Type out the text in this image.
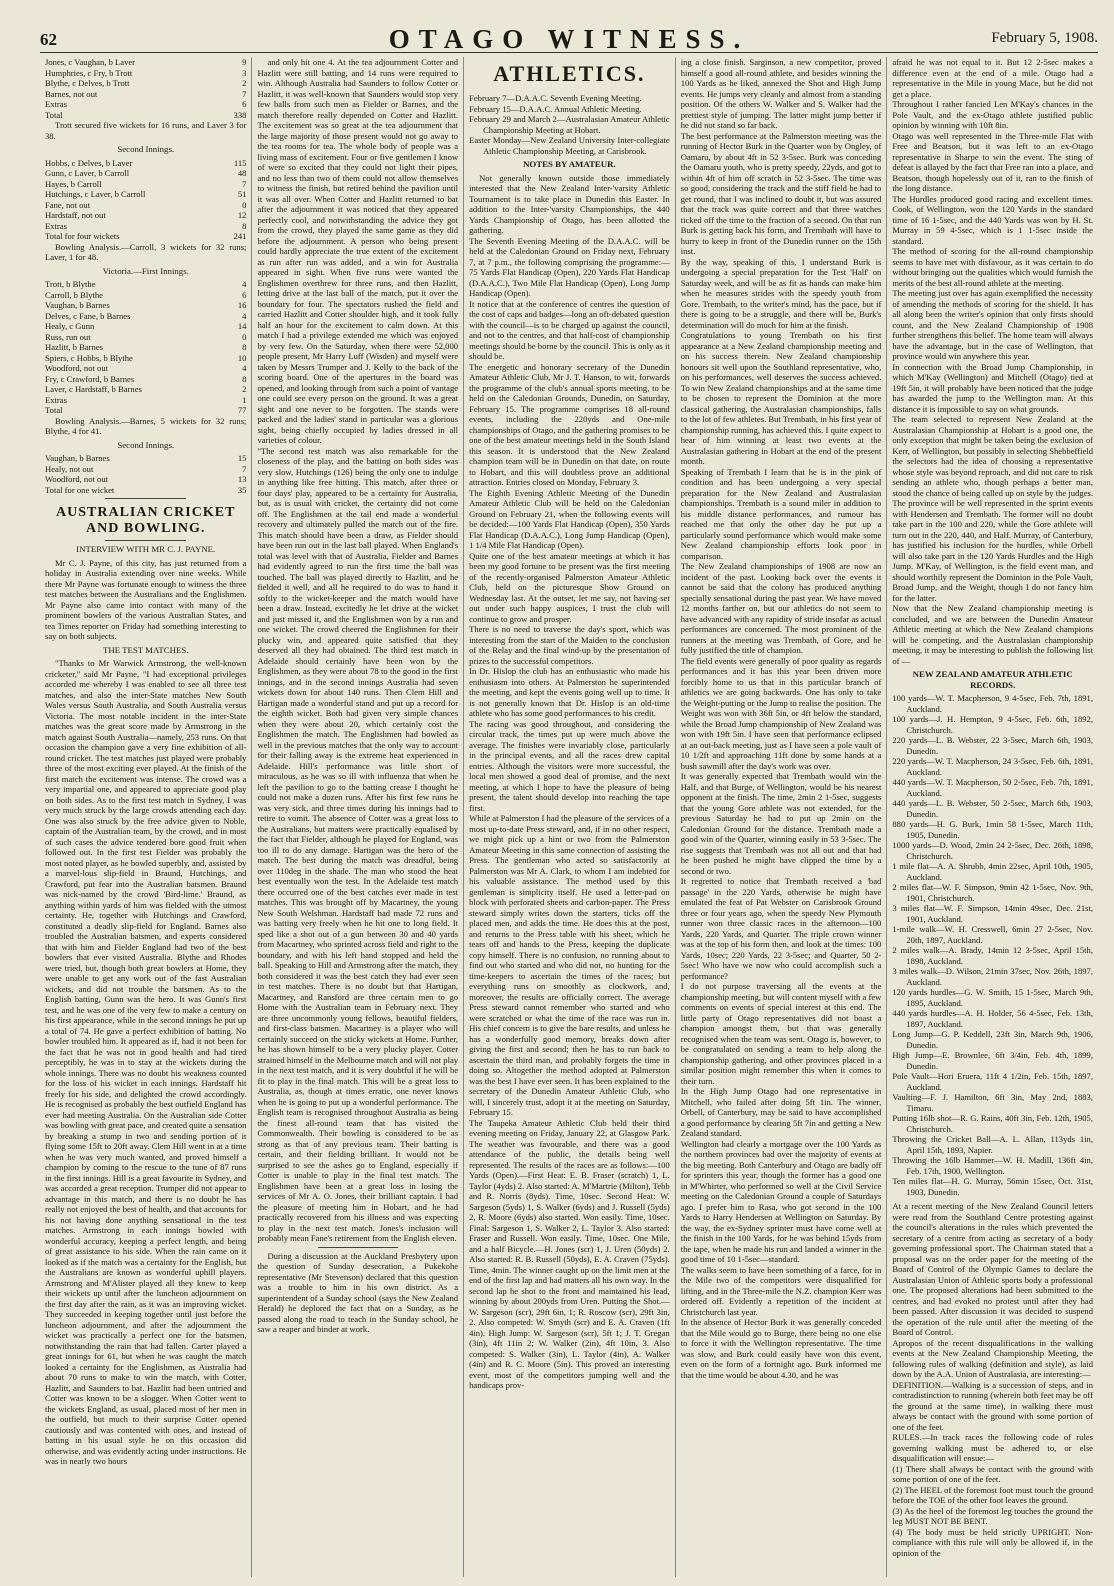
62	OTAGO WITNESS.	February 5, 1908.
Jones, c Vaughan, b Laver	9
Humphries, c Fry, b Trott	3
Blythe, c Delves, b Trott	2
Barnes, not out	7
Extras	6
Total	338

Trott secured five wickets for 16 runs, and Laver 3 for 38.

Second Innings.
Hobbs, c Delves, b Laver	115
Gunn, c Laver, b Carroll	48
Hayes, b Carroll	7
Hutchings, c Laver, b Carroll	51
Fane, not out	0
Hardstaff, not out	12
Extras	8
Total for four wickets	241

Bowling Analysis.—Carroll, 3 wickets for 32 runs; Laver, 1 for 48.

Victoria.—First Innings.
Trott, b Blythe	4
Carroll, b Blythe	6
Vaughan, b Barnes	16
Delves, c Fane, b Barnes	4
Healy, c Gunn	14
Russ, run out	0
Hazlitt, b Barnes	8
Spiers, c Hobbs, b Blythe	10
Woodford, not out	4
Fry, c Crawford, b Barnes	8
Laver, c Hardstaff, b Barnes	2
Extras	1
Total	77

Bowling Analysis.—Barnes, 5 wickets for 32 runs; Blythe, 4 for 41.

Second Innings.
Vaughan, b Barnes	15
Healy, not out	7
Woodford, not out	13
Total for one wicket	35
AUSTRALIAN CRICKET AND BOWLING.
INTERVIEW WITH MR C. J. PAYNE.

Mr C. J. Payne, of this city, has just returned from a holiday in Australia extending over nine weeks. While there Mr Payne was fortunate enough to witness the three test matches between the Australians and the Englishmen. Mr Payne also came into contact with many of the prominent bowlers of the various Australian States, and tea Times reporter on Friday had something interesting to say on both subjects.

THE TEST MATCHES.

"Thanks to Mr Warwick Armstrong, the well-known cricketer," said Mr Payne, "I had exceptional privileges accorded me whereby I was enabled to see all three test matches, and also the inter-State matches New South Wales versus South Australia, and South Australia versus Victoria. The most notable incident in the inter-State matches was the great score made by Armstrong in the match against South Australia—namely, 253 runs. On that occasion the champion gave a very fine exhibition of all-round cricket. The test matches just played were probably three of the most exciting ever played. At the finish of the first match the excitement was intense. The crowd was a very impartial one, and appeared to appreciate good play on both sides. As to the first test match in Sydney, I was very much struck by the large crowds attending each day. One was also struck by the free advice given to Noble, captain of the Australian team, by the crowd, and in most of such cases the advice tendered bore good fruit when followed out. In the first test Fielder was probably the most noted player, as he bowled superbly, and, assisted by a marvel-lous slip-field in Braund, Hutchings, and Crawford, put fear into the Australian batsmen. Braund was nick-named by the crowd 'Bird-lime.' Braund, as anything within yards of him was fielded with the utmost certainty. He, together with Hutchings and Crawford, constituted a deadly slip-field for England. Barnes also troubled the Australian batsmen, and experts considered that with him and Fielder England had two of the best bowlers that ever visited Australia. Blythe and Rhodes were tried, but, though both great bowlers at Home, they were unable to get any work out of the fast Australian wickets, and did not trouble the batsmen. As to the English batting, Gunn was the hero. It was Gunn's first test, and he was one of the very few to make a century on his first appearance, while in the second innings he put up a total of 74. He gave a perfect exhibition of batting. No bowler troubled him. It appeared as if, had it not been for the fact that he was not in good health and had tired perceptibly, he was in to stay at the wickets during the whole innings. There was no doubt his weakness counted for the loss of his wicket in each innings. Hardstaff hit freely for his side, and delighted the crowd accordingly. He is recognised as probably the best outfield England has ever had meeting Australia. On the Australian side Cotter was bowling with great pace, and created quite a sensation by breaking a stump in two and sending portion of it flying some 15ft to 20ft away. Clem Hill went in at a time when he was very much wanted, and proved himself a champion by coming to the rescue to the tune of 87 runs in the first innings. Hill is a great favourite in Sydney, and was accorded a great reception. Trumper did not appear to advantage in this match, and there is no doubt he has really not enjoyed the best of health, and that accounts for his not having done anything sensational in the test matches. Armstrong in each innings bowled with wonderful accuracy, keeping a perfect length, and being of great assistance to his side. When the rain came on it looked as if the match was a certainty for the English, but the Australians are known as wonderful uphill players. Armstrong and M'Alister played all they knew to keep their wickets up until after the luncheon adjournment on the first day after the rain, as it was an improving wicket. They succeeded in keeping together until just before the luncheon adjournment, and after the adjournment the wicket was practically a perfect one for the batsmen, notwithstanding the rain that had fallen. Carter played a great innings for 61, but when he was caught the match looked a certainty for the Englishmen, as Australia had about 70 runs to make to win the match, with Cotter, Hazlitt, and Saunders to bat. Hazlitt had been untried and Cotter was known to be a slogger. When Cotter went to the wickets England, as usual, placed most of her men in the outfield, but much to their surprise Cotter opened cautiously and was contented with ones, and instead of batting in his usual style he on this occasion did otherwise, and was evidently acting under instructions. He was in nearly two hours

and only hit one 4. At the tea adjournment Cotter and Hazlitt were still batting, and 14 runs were required to win. Although Australia had Saunders to follow Cotter or Hazlitt, it was well-known that Saunders would stop very few balls from such men as Fielder or Barnes, and the match therefore really depended on Cotter and Hazlitt. The excitement was so great at the tea adjournment that the large majority of those present would not go away to the tea rooms for tea. The whole body of people was a living mass of excitement. Four or five gentlemen I know of were so excited that they could not light their pipes, and no less than two of them could not allow themselves to witness the finish, but retired behind the pavilion until it was all over. When Cotter and Hazlitt returned to bat after the adjournment it was noticed that they appeared perfectly cool, and notwithstanding the advice they got from the crowd, they played the same game as they did before the adjournment. A person who being present could hardly appreciate the true extent of the excitement as run after run was added, and a win for Australia appeared in sight. When five runs were wanted the Englishmen overthrew for three runs, and then Hazlitt, letting drive at the last ball of the match, put it over the boundary for four. The spectators rushed the field and carried Hazlitt and Cotter shoulder high, and it took fully half an hour for the excitement to calm down. At this match I had a privilege extended me which was enjoyed by very few. On the Saturday, when there were 52,000 people present, Mr Harry Luff (Wisden) and myself were taken by Messrs Trumper and J. Kelly to the back of the scoring board. One of the apertures in the board was opened, and looking through from such a point of vantage one could see every person on the ground. It was a great sight and one never to be forgotten. The stands were packed and the ladies' stand in particular was a glorious sight, being chiefly occupied by ladies dressed in all varieties of colour.
"The second test match was also remarkable for the closeness of the play, and the batting on both sides was very slow, Hutchings (126) being the only one to indulge in anything like free hitting. This match, after three or four days' play, appeared to be a certainty for Australia, but, as is usual with cricket, the certainty did not come off. The Englishmen at the tail end made a wonderful recovery and ultimately pulled the match out of the fire. This match should have been a draw, as Fielder should have been run out in the last ball played. When England's total was level with that of Australia, Fielder and Barnes had evidently agreed to run the first time the ball was touched. The ball was played directly to Hazlitt, and he fielded it well, and all he required to do was to hand it softly to the wicket-keeper and the match would have been a draw. Instead, excitedly he let drive at the wicket and just missed it, and the Englishmen won by a run and one wicket. The crowd cheered the Englishmen for their plucky win, and appeared quite satisfied that they deserved all they had obtained. The third test match in Adelaide should certainly have been won by the Englishmen, as they were about 78 to the good in the first innings, and in the second innings Australia had seven wickets down for about 140 runs. Then Clem Hill and Hartigan made a wonderful stand and put up a record for the eighth wicket. Both had given very simple chances when they were about 20, which certainly cost the Englishmen the match. The Englishmen had bowled as well in the previous matches that the only way to account for their falling away is the extreme heat experienced in Adelaide. Hill's performance was little short of miraculous, as he was so ill with influenza that when he left the pavilion to go to the batting crease I thought he could not make a dozen runs. After his first few runs he was very sick, and three times during his innings had to retire to vomit. The absence of Cotter was a great loss to the Australians, but matters were practically equalised by the fact that Fielder, although he played for England, was too ill to do any damage. Hartigan was the hero of the match. The best during the match was dreadful, being over 110deg in the shade. The man who stood the heat best eventually won the test. In the Adelaide test match there occurred one of the best catches ever made in test matches. This was brought off by Macartney, the young New South Welshman. Hardstaff had made 72 runs and was batting very freely when he hit one to long field. It sped like a shot out of a gun between 30 and 40 yards from Macartney, who sprinted across field and right to the boundary, and with his left hand stopped and held the ball. Speaking to Hill and Armstrong after the match, they both considered it was the best catch they had ever seen in test matches. There is no doubt but that Hartigan, Macartney, and Ransford are three certain men to go Home with the Australian team in February next. They are three uncommonly young fellows, beautiful fielders, and first-class batsmen. Macartney is a player who will certainly succeed on the sticky wickets at Home. Further, he has shown himself to be a very plucky player. Cotter strained himself in the Melbourne match and will not play in the next test match, and it is very doubtful if he will be fit to play in the final match. This will be a great loss to Australia, as, though at times erratic, one never knows when he is going to put up a wonderful performance. The English team is recognised throughout Australia as being the finest all-round team that has visited the Commonwealth. Their bowling is considered to be as strong as that of any previous team. Their batting is certain, and their fielding brilliant. It would not be surprised to see the ashes go to England, especially if Cotter is unable to play in the final test match. The Englishmen have been at a great loss in losing the services of Mr A. O. Jones, their brilliant captain. I had the pleasure of meeting him in Hobart, and he had practically recovered from his illness and was expecting to play in the next test match. Jones's inclusion will probably mean Fane's retirement from the English eleven.

During a discussion at the Auckland Presbytery upon the question of Sunday desecration, a Pukekohe representative (Mr Stevenson) declared that this question was a trouble to him in his own district. As a superintendent of a Sunday school (says the New Zealand Herald) he deplored the fact that on a Sunday, as he passed along the road to teach in the Sunday school, he saw a reaper and binder at work.

ATHLETICS.
February 7—D.A.A.C. Seventh Evening Meeting.
February 15—D.A.A.C. Annual Athletic Meeting.
February 29 and March 2—Australasian Amateur Athletic Championship Meeting at Hobart.
Easter Monday—New Zealand University Inter-collegiate Athletic Championship Meeting, at Carisbrook.
NOTES BY AMATEUR.
Not generally known outside those immediately interested that the New Zealand Inter-'varsity Athletic Tournament is to take place in Dunedin this Easter. In addition to the Inter-'varsity Championships, the 440 Yards Championship of Otago, has been allotted the gathering.
The Seventh Evening Meeting of the D.A.A.C. will be held at the Caledonian Ground on Friday next, February 7, at 7 p.m., the following comprising the programme:—75 Yards Flat Handicap (Open), 220 Yards Flat Handicap (D.A.A.C.), Two Mile Flat Handicap (Open), Long Jump Handicap (Open).
It notice that at the conference of centres the question of the cost of caps and badges—long an oft-debated question with the council—is to be charged up against the council, and not to the centres, and that half-cost of championship meetings should be borne by the council. This is only as it should be.
The energetic and honorary secretary of the Dunedin Amateur Athletic Club, Mr J. T. Hanson, to wit, forwards the programme of the club's annual sports meeting, to be held on the Caledonian Grounds, Dunedin, on Saturday, February 15. The programme comprises 18 all-round events, including the 220yds and One-mile championships of Otago, and the gathering promises to be one of the best amateur meetings held in the South Island this season. It is understood that the New Zealand champion team will be in Dunedin on that date, on route to Hobart, and this will doubtless prove an additional attraction. Entries closed on Monday, February 3.
The Eighth Evening Athletic Meeting of the Dunedin Amateur Athletic Club will be held on the Caledonian Ground on February 21, when the following events will be decided:—100 Yards Flat Handicap (Open), 350 Yards Flat Handicap (D.A.A.C.), Long Jump Handicap (Open), 1 1/4 Mile Flat Handicap (Open).
Quite one of the best amateur meetings at which it has been my good fortune to be present was the first meeting of the recently-organised Palmerston Amateur Athletic Club, held on the picturesque Show Ground on Wednesday last. At the outset, let me say, not having set out under such happy auspices, I trust the club will continue to grow and prosper.
There is no need to traverse the day's sport, which was interesting from the start of the Maiden to the conclusion of the Relay and the final wind-up by the presentation of prizes to the successful competitors.
In Dr. Hislop the club has an enthusiastic who made his enthusiasm into others. At Palmerston he superintended the meeting, and kept the events going well up to time. It is not generally known that Dr. Hislop is an old-time athlete who has some good performances to his credit.
The racing was good throughout, and considering the circular track, the times put up were much above the average. The finishes were invariably close, particularly in the principal events, and all the races drew capital entries. Although the visitors were more successful, the local men showed a good deal of promise, and the next meeting, at which I hope to have the pleasure of being present, the talent should develop into reaching the tape first.
While at Palmerston I had the pleasure of the services of a most up-to-date Press steward, and, if in no other respect, we might pick up a hint or two from the Palmerston Amateur Meeting in this same connection of assisting the Press. The gentleman who acted so satisfactorily at Palmerston was Mr A. Clark, to whom I am indebted for his valuable assistance. The method used by this gentleman is simplicity itself. He used a letter-pad on block with perforated sheets and carbon-paper. The Press steward simply writes down the starters, ticks off the placed men, and adds the time. He does this at the post, and returns to the Press table with his sheet, which he tears off and hands to the Press, keeping the duplicate copy himself. There is no confusion, no running about to find out who started and who did not, no hunting for the time-keepers to ascertain the times of the races; but everything runs on smoothly as clockwork, and, moreover, the results are officially correct. The average Press steward cannot remember who started and who were scratched or what the time of the race was run in. His chief concern is to give the bare results, and unless he has a wonderfully good memory, breaks down after giving the first and second; then he has to run back to ascertain the third man, and probably forgets the time in doing so. Altogether the method adopted at Palmerston was the best I have ever seen. It has been explained to the secretary of the Dunedin Amateur Athletic Club, who will, I sincerely trust, adopt it at the meeting on Saturday, February 15.
The Taupeka Amateur Athletic Club held their third evening meeting on Friday, January 22, at Glasgow Park. The weather was favourable, and there was a good attendance of the public, the details being well represented. The results of the races are as follows:—100 Yards (Open).—First Heat: E. B. Fraser (scratch) 1, L. Taylor (4yds) 2. Also started: A. M'Martrie (Milton), Tebb and R. Norris (8yds). Time, 10sec. Second Heat: W. Sargeson (5yds) 1, S. Walker (6yds) and J. Russell (5yds) 2, R. Moore (6yds) also started. Won easily. Time, 10sec. Final: Sargeson 1, S. Walker 2, L. Taylor 3. Also started: Fraser and Russell. Won easily. Time, 10sec. One Mile, and a half Bicycle.—H. Jones (scr) 1, J. Uren (50yds) 2. Also started: R. B. Russell (50yds), E. A. Craven (75yds). Time, 4min. The winner caught up on the limit men at the end of the first lap and had matters all his own way. In the second lap he shot to the front and maintained his lead, winning by about 200yds from Uren. Putting the Shot.—W. Sargeson (scr), 29ft 6in, 1; R. Roscow (scr), 29ft 3in, 2. Also competed: W. Smyth (scr) and E. A. Craven (1ft 4in). High Jump: W. Sargeson (scr), 5ft 1; J. T. Gregan (3in), 4ft 11in 2; W. Walker (2in), 4ft 10in, 3. Also competed: S. Walker (3in), L. Taylor (4in), A. Walker (4in) and R. C. Moore (5in). This proved an interesting event, most of the competitors jumping well and the handicaps prov-
ing a close finish. Sarginson, a new competitor, proved himself a good all-round athlete, and besides winning the 100 Yards as he liked, annexed the Shot and High Jump events. He jumps very cleanly and almost from a standing position. Of the others W. Walker and S. Walker had the prettiest style of jumping. The latter might jump better if he did not stand so far back.
The best performance at the Palmerston meeting was the running of Hector Burk in the Quarter won by Ongley, of Oamaru, by about 4ft in 52 3-5sec. Burk was conceding the Oamaru youth, who is pretty speedy, 22yds, and got to within 4ft of him off scratch in 52 3-5sec. The time was so good, considering the track and the stiff field he had to get round, that I was inclined to doubt it, but was assured that the track was quite correct and that three watches ticked off the time to the fraction of a second. On that run Burk is getting back his form, and Trembath will have to hurry to keep in front of the Dunedin runner on the 15th inst.
By the way, speaking of this, I understand Burk is undergoing a special preparation for the Test 'Half' on Saturday week, and will be as fit as hands can make him when he measures strides with the speedy youth from Gore. Trembath, to the writer's mind, has the pace, but if there is going to be a struggle, and there will be, Burk's determination will do much for him at the finish.
Congratulations to young Trembath on his first appearance at a New Zealand championship meeting and on his success therein. New Zealand championship honours sit well upon the Southland representative, who, on his performances, well deserves the success achieved. To win New Zealand championships and at the same time to be chosen to represent the Dominion at the more classical gathering, the Australasian championships, falls to the lot of few athletes. But Trembath, in his first year of championship running, has achieved this. I quite expect to hear of him winning at least two events at the Australasian gathering in Hobart at the end of the present month.
Speaking of Trembath I learn that he is in the pink of condition and has been undergoing a very special preparation for the New Zealand and Australasian championships. Trembath is a sound miler in addition to his middle distance performances, and rumour has reached me that only the other day he put up a particularly sound performance which would make some New Zealand championship efforts look poor in comparison.
The New Zealand championships of 1908 are now an incident of the past. Looking back over the events it cannot be said that the colony has produced anything specially sensational during the past year. We have moved 12 months farther on, but our athletics do not seem to have advanced with any rapidity of stride insofar as actual performances are concerned. The most prominent of the runners at the meeting was Trembath, of Gore, and he fully justified the title of champion.
The field events were generally of poor quality as regards performances and it has this year been driven more forcibly home to us that in this particular branch of athletics we are going backwards. One has only to take the Weight-putting or the Jump to realise the position. The Weight was won with 36ft 5in, or 4ft below the standard, while the Broad Jump championship of New Zealand was won with 19ft 5in. I have seen that performance eclipsed at an out-back meeting, just as I have seen a pole vault of 10 1/2ft and approaching 11ft done by some hands at a bush sawmill after the day's work was over.
It was generally expected that Trembath would win the Half, and that Burge, of Wellington, would be his nearest opponent at the finish. The time, 2min 2 1-5sec, suggests that the young Gore athlete was not extended, for the previous Saturday he had to put up 2min on the Caledonian Ground for the distance. Trembath made a good win of the Quarter, winning easily in 53 3-5sec. The rise suggests that Trembath was not all out and that had he been pushed he might have clipped the time by a second or two.
It regretted to notice that Trembath received a 'bad passage' in the 220 Yards, otherwise he might have emulated the feat of Pat Webster on Carisbrook Ground three or four years ago, when the speedy New Plymouth runner won three classic races in the afternoon—100 Yards, 220 Yards, and Quarter. The triple crown winner was at the top of his form then, and look at the times: 100 Yards, 10sec; 220 Yards, 22 3-5sec; and Quarter, 50 2-5sec! Who have we now who could accomplish such a performance?
I do not purpose traversing all the events at the championship meeting, but will content myself with a few comments on events of special interest at this end. The little party of Otago representatives did not boast a champion amongst them, but that was generally recognised when the team was sent. Otago is, however, to be congratulated on sending a team to help along the championship gathering, and other provinces placed in a similar position might remember this when it comes to their turn.
In the High Jump Otago had one representative in Mitchell, who failed after doing 5ft 1in. The winner, Orbell, of Canterbury, may be said to have accomplished a good performance by clearing 5ft 7in and getting a New Zealand standard.
Wellington had clearly a mortgage over the 100 Yards as the northern provinces had over the majority of events at the big meeting. Both Canterbury and Otago are badly off for sprinters this year, though the former has a good one in M'Whirter, who performed so well at the Civil Service meeting on the Caledonian Ground a couple of Saturdays ago. I prefer him to Rasa, who got second in the 100 Yards to Harry Hendersen at Wellington on Saturday. By the way, the ex-Sydney sprinter must have come well at the finish in the 100 Yards, for he was behind 15yds from the tape, when he made his run and landed a winner in the good time of 10 1-5sec—standard.
The walks seem to have been something of a farce, for in the Mile two of the competitors were disqualified for lifting, and in the Three-mile the N.Z. champion Kerr was ordered off. Evidently a repetition of the incident at Christchurch last year.
In the absence of Hector Burk it was generally conceded that the Mile would go to Burge, there being no one else to force it with the Wellington representative. The time was slow, and Burk could easily have won this event, even on the form of a fortnight ago. Burk informed me that the time would be about 4.30, and he was
afraid he was not equal to it. But 12 2-5sec makes a difference even at the end of a mile. Otago had a representative in the Mile in young Mace, but he did not get a place.
Throughout I rather fancied Len M'Kay's chances in the Pole Vault, and the ex-Otago athlete justified public opinion by winning with 10ft 8in.
Otago was well represented in the Three-mile Flat with Free and Beatson, but it was left to an ex-Otago representative in Sharpe to win the event. The sting of defeat is allayed by the fact that Free ran into a place, and Beatson, though hopelessly out of it, ran to the finish of the long distance.
The Hurdles produced good racing and excellent times. Cook, of Wellington, won the 120 Yards in the standard time of 16 1-5sec, and the 440 Yards was won by H. St. Murray in 59 4-5sec, which is 1 1-5sec inside the standard.
The method of scoring for the all-round championship seems to have met with disfavour, as it was certain to do without bringing out the qualities which would furnish the merits of the best all-round athlete at the meeting.
The meeting just over has again exemplified the necessity of amending the methods of scoring for the shield. It has all along been the writer's opinion that only firsts should count, and the New Zealand Championship of 1908 further strengthens this belief. The home team will always have the advantage, but in the case of Wellington, that province would win anywhere this year.
In connection with the Broad Jump Championship, in which M'Kay (Wellington) and Mitchell (Otago) tied at 19ft 5in, it will probably have been noticed that the judge has awarded the jump to the Wellington man. At this distance it is impossible to say on what grounds.
The team selected to represent New Zealand at the Australasian Championship at Hobart is a good one, the only exception that might be taken being the exclusion of Kerr, of Wellington, but possibly in selecting Shebbeffield the selectors had the idea of choosing a representative whose style was beyond reproach, and did not care to risk sending an athlete who, though perhaps a better man, stood the chance of being called up on style by the judges. The province will be well represented in the sprint events with Hendersen and Trembath. The former will no doubt take part in the 100 and 220, while the Gore athlete will turn out in the 220, 440, and Half. Murray, of Canterbury, has justified his inclusion for the hurdles, while Orbell will also take part in the 120 Yards Hurdles and the High Jump. M'Kay, of Wellington, is the field event man, and should worthily represent the Dominion in the Pole Vault, Broad Jump, and the Weight, though I do not fancy him for the latter.
Now that the New Zealand championship meeting is concluded, and we are between the Dunedin Amateur Athletic meeting at which the New Zealand champions will be competing, and the Australasian championship meeting, it may be interesting to publish the following list of —
NEW ZEALAND AMATEUR ATHLETIC RECORDS.
100 yards—W. T. Macpherson, 9 4-5sec, Feb. 7th, 1891, Auckland.
100 yards—J. H. Hempton, 9 4-5sec, Feb. 6th, 1892, Christchurch.
220 yards—L. B. Webster, 22 3-5sec, March 6th, 1903, Dunedin.
220 yards—W. T. Macpherson, 24 3-5sec, Feb. 6th, 1891, Auckland.
440 yards—W. T. Macpherson, 50 2-5sec, Feb. 7th, 1891, Auckland.
440 yards—L. B. Webster, 50 2-5sec, March 6th, 1903, Dunedin.
880 yards—H. G. Burk, 1min 58 1-5sec, March 11th, 1905, Dunedin.
1000 yards—D. Wood, 2min 24 2-5sec, Dec. 26th, 1898, Christchurch.
1 mile flat—A. A. Shrubb, 4min 22sec, April 10th, 1905, Auckland.
2 miles flat—W. F. Simpson, 9min 42 1-5sec, Nov. 9th, 1901, Christchurch.
3 miles flat—W. F. Simpson, 14min 49sec, Dec. 21st, 1901, Auckland.
1-mile walk—W. H. Cresswell, 6min 27 2-5sec, Nov. 20th, 1897, Auckland.
2 miles walk—A. Brady, 14min 12 3-5sec, April 15th, 1898, Auckland.
3 miles walk—D. Wilson, 21min 37sec, Nov. 26th, 1897, Auckland.
120 yards hurdles—G. W. Smith, 15 1-5sec, March 9th, 1895, Auckland.
440 yards hurdles—A. H. Holder, 56 4-5sec, Feb. 13th, 1897, Auckland.
Long Jump—G. P. Keddell, 23ft 3in, March 9th, 1906, Dunedin.
High Jump—E. Brownlee, 6ft 3/4in, Feb. 4th, 1899, Dunedin.
Pole Vault—Hori Eruera, 11ft 4 1/2in, Feb. 15th, 1897, Auckland.
Vaulting—F. J. Hamilton, 6ft 3in, May 2nd, 1883, Timaru.
Putting 16lb shot—R. G. Rains, 40ft 3in, Feb. 12th, 1905, Christchurch.
Throwing the Cricket Ball—A. L. Allan, 113yds 1in, April 15th, 1893, Napier.
Throwing the 16lb Hammer—W. H. Madill, 136ft 4in, Feb. 17th, 1900, Wellington.
Ten miles flat—H. G. Murray, 56min 15sec, Oct. 31st, 1903, Dunedin.
At a recent meeting of the New Zealand Council letters were read from the Southland Centre protesting against the council's alterations in the rules which prevented the secretary of a centre from acting as secretary of a body governing professional sport. The Chairman stated that a proposal was on the order paper for the meeting of the Board of Control of the Olympic Games to declare the Australasian Union of Athletic sports body a professional one. The proposed alterations had been submitted to the centres, and had evoked no protest until after they had been passed. After discussion it was decided to suspend the operation of the rule until after the meeting of the Board of Control.
Apropos of the recent disqualifications in the walking events at the New Zealand Championship Meeting, the following rules of walking (definition and style), as laid down by the A.A. Union of Australasia, are interesting:—
DEFINITION.—Walking is a succession of steps, and in contradistinction to running (wherein both feet may be off the ground at the same time), in walking there must always be contact with the ground with some portion of one of the feet.
RULES.—In track races the following code of rules governing walking must be adhered to, or else disqualification will ensue:—
(1) There shall always be contact with the ground with some portion of one of the feet.
(2) The HEEL of the foremost foot must touch the ground before the TOE of the other foot leaves the ground.
(3) As the heel of the foremost leg touches the ground the leg MUST NOT BE BENT.
(4) The body must be held strictly UPRIGHT. Non-compliance with this rule will only be allowed if, in the opinion of the
